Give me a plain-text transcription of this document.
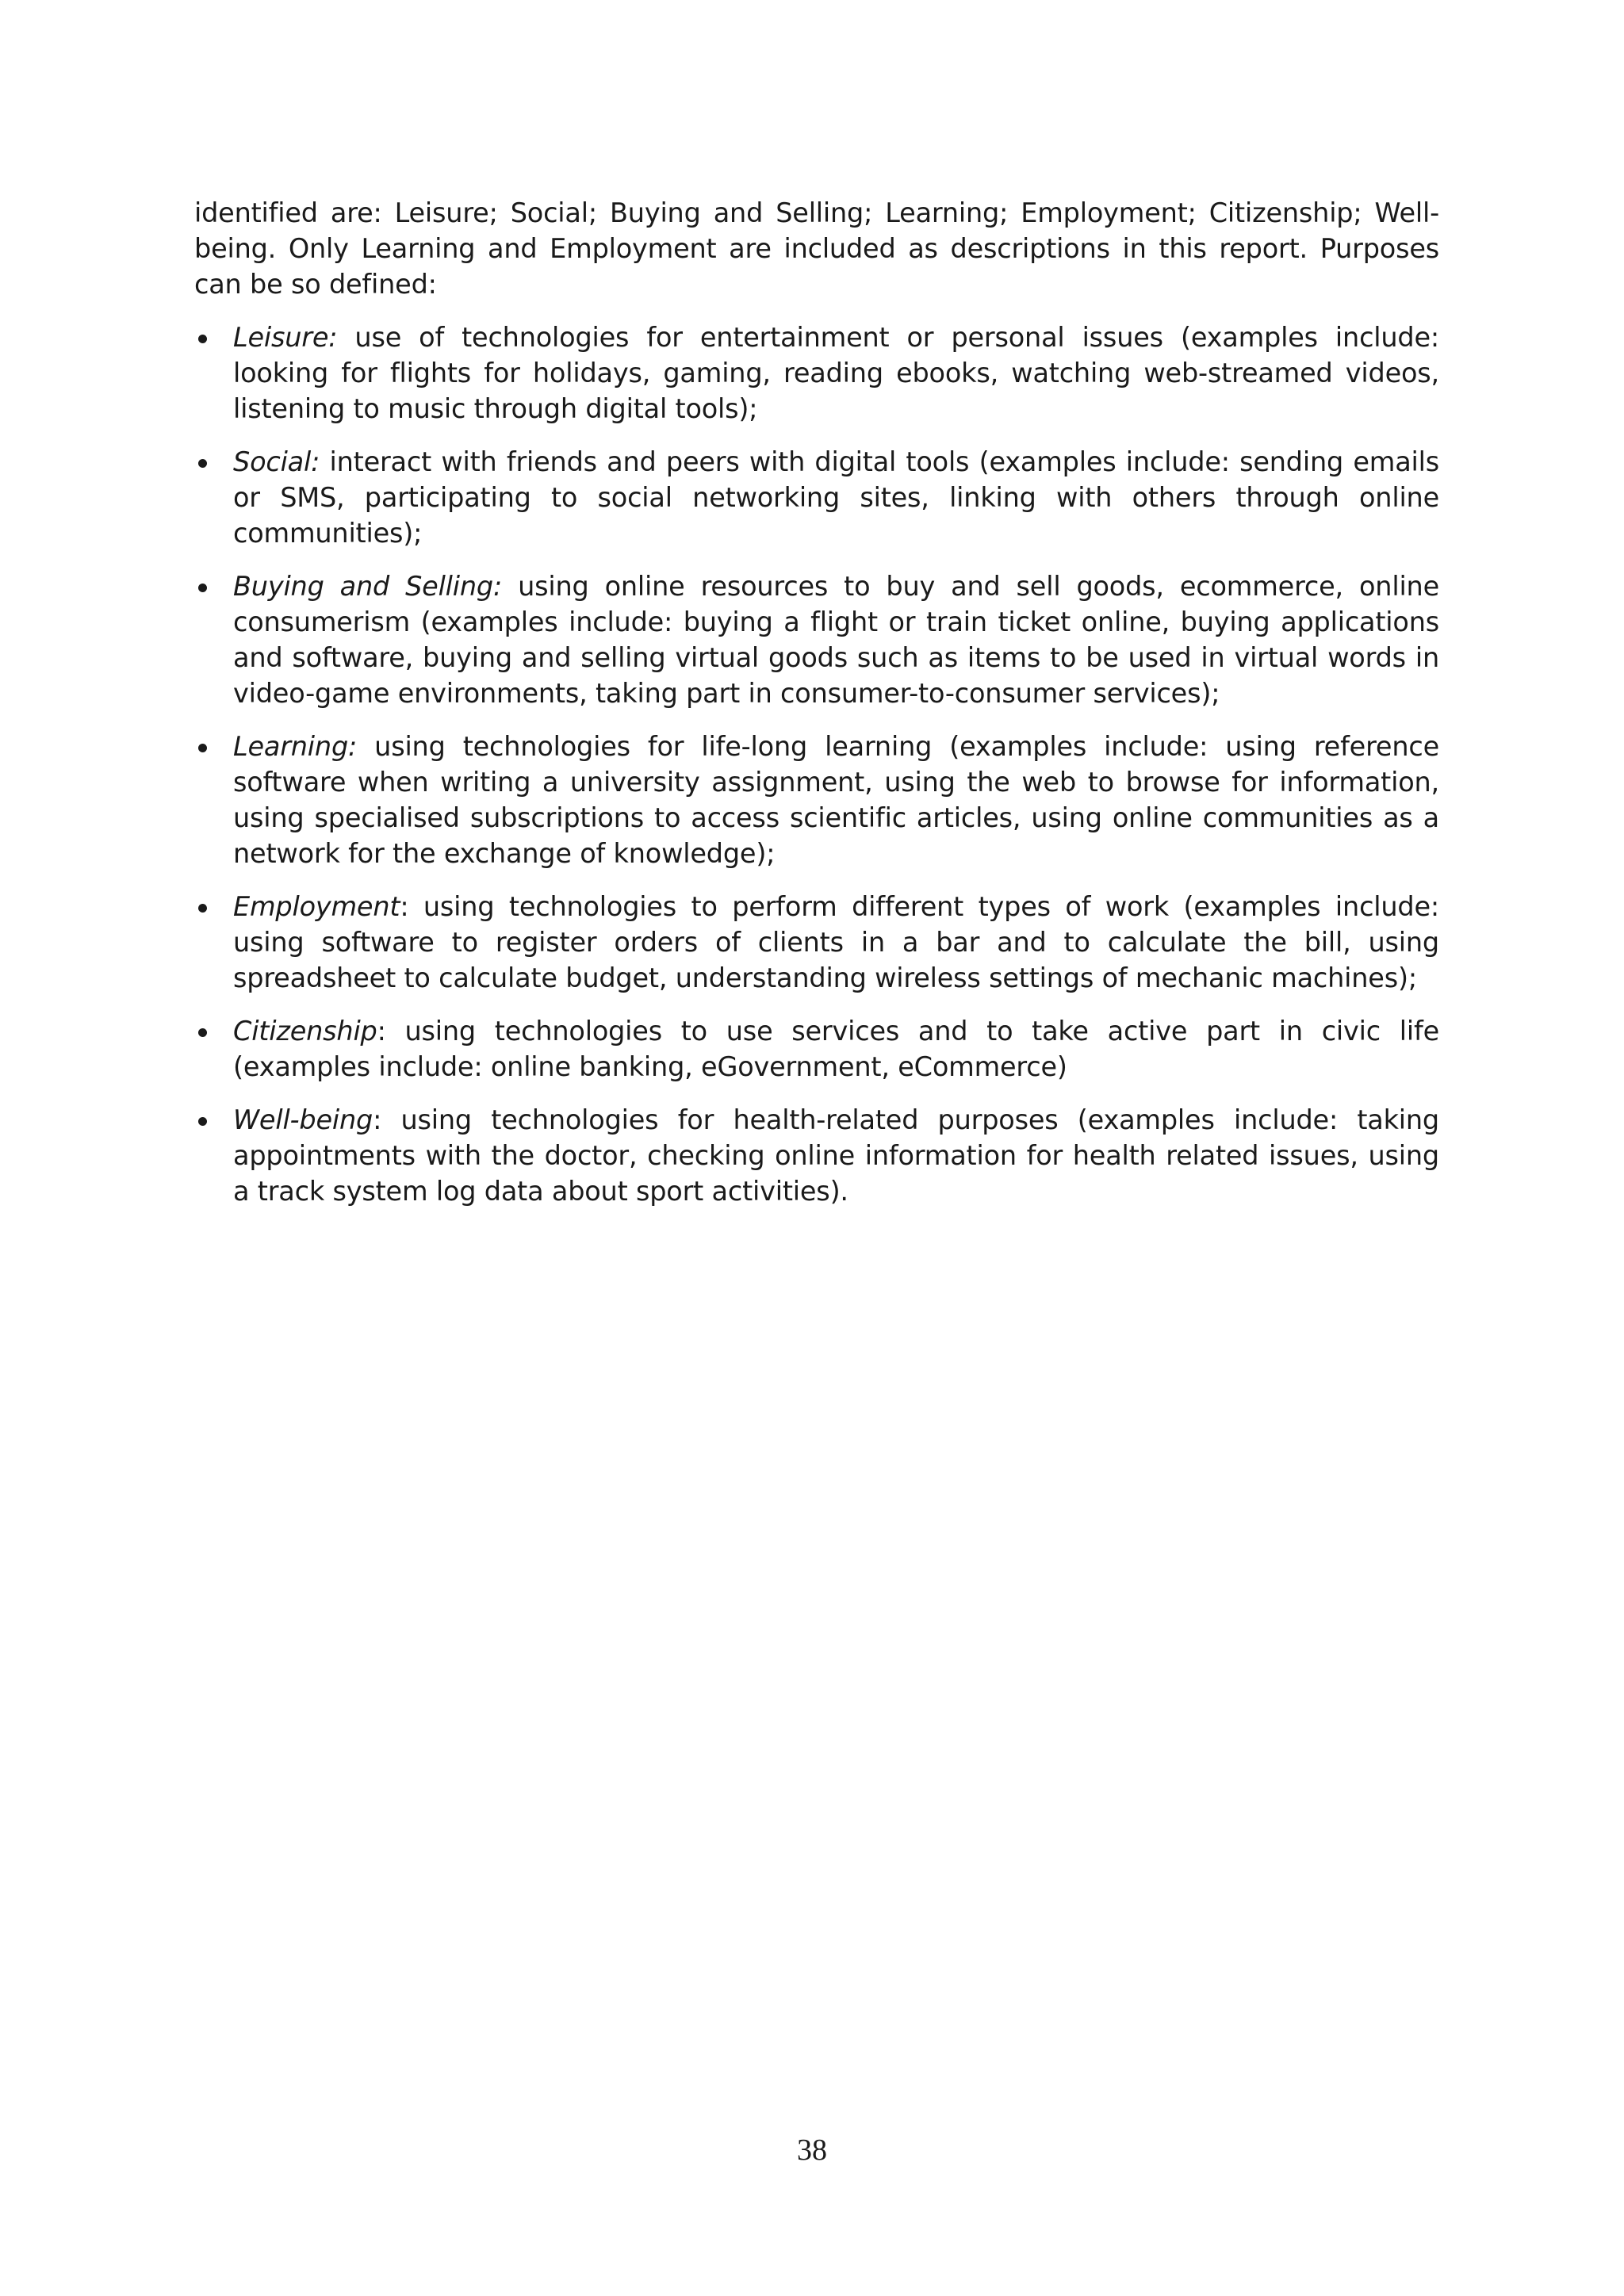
identified are: Leisure; Social; Buying and Selling; Learning; Employment; Citizenship; Well-being. Only Learning and Employment are included as descriptions in this report. Purposes can be so defined:

Leisure: use of technologies for entertainment or personal issues (examples include: looking for flights for holidays, gaming, reading ebooks, watching web-streamed videos, listening to music through digital tools);
Social: interact with friends and peers with digital tools (examples include: sending emails or SMS, participating to social networking sites, linking with others through online communities);
Buying and Selling: using online resources to buy and sell goods, ecommerce, online consumerism (examples include: buying a flight or train ticket online, buying applications and software, buying and selling virtual goods such as items to be used in virtual words in video-game environments, taking part in consumer-to-consumer services);
Learning: using technologies for life-long learning (examples include: using reference software when writing a university assignment, using the web to browse for information, using specialised subscriptions to access scientific articles, using online communities as a network for the exchange of knowledge);
Employment: using technologies to perform different types of work (examples include: using software to register orders of clients in a bar and to calculate the bill, using spreadsheet to calculate budget, understanding wireless settings of mechanic machines);
Citizenship: using technologies to use services and to take active part in civic life (examples include: online banking, eGovernment, eCommerce)
Well-being: using technologies for health-related purposes (examples include: taking appointments with the doctor, checking online information for health related issues, using a track system log data about sport activities).
38
